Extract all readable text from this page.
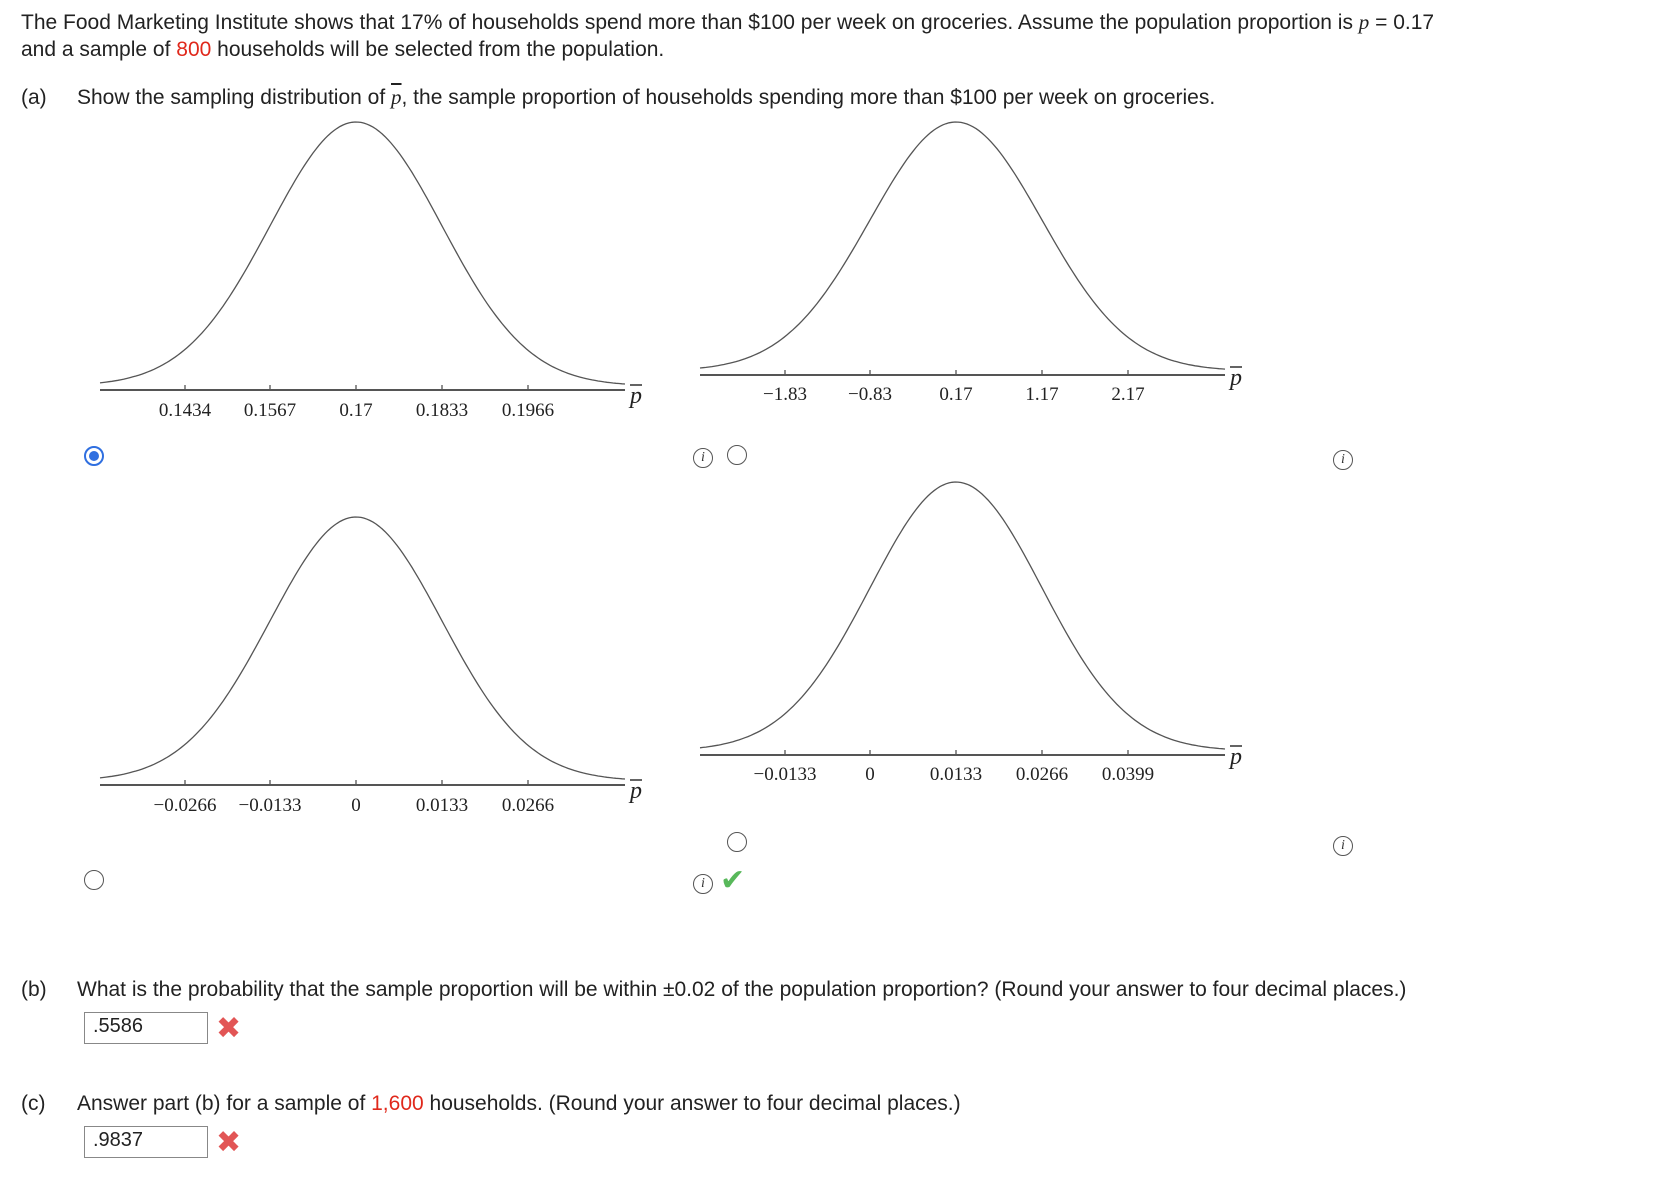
The Food Marketing Institute shows that 17% of households spend more than $100 per week on groceries. Assume the population proportion is p = 0.17
and a sample of 800 households will be selected from the population.
(a) Show the sampling distribution of $\overline{p}$, the sample proportion of households spending more than $100 per week on groceries.
0.1434 0.1567 0.17 0.1833 0.1966
p	−1.83 −0.83 0.17	1.17	2.17
p
−0.0266 −0.0133	0	0.0133 0.0266
p
−0.0133	0	0.0133 0.0266 0.0399
p
i	i
i
i
✔
(b) What is the probability that the sample proportion will be within ±0.02 of the population proportion? (Round your answer to four decimal places.)
.5586	✖
(c) Answer part (b) for a sample of 1,600 households. (Round your answer to four decimal places.)
.9837	✖
